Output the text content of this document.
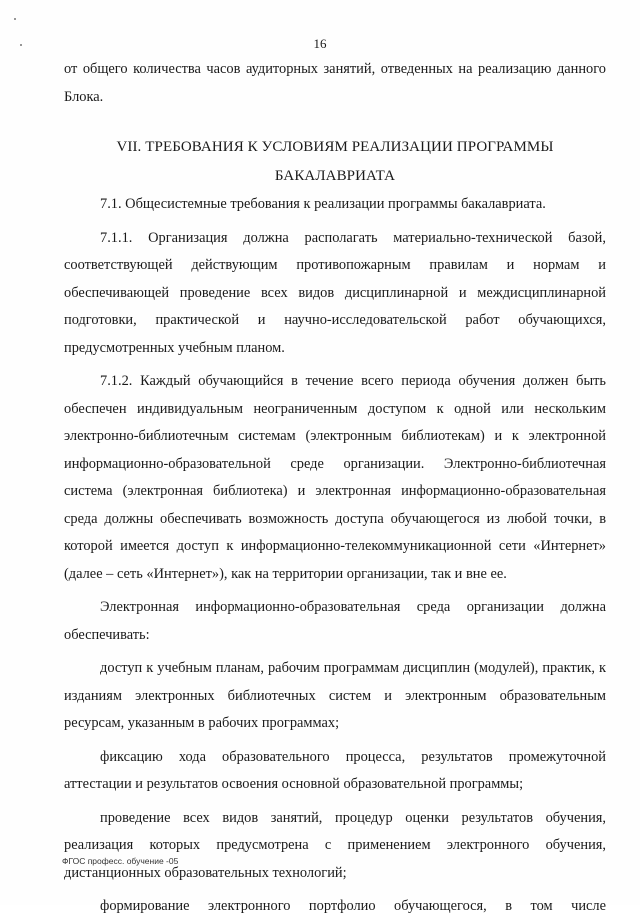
16

от общего количества часов аудиторных занятий, отведенных на реализацию данного Блока.

VII. ТРЕБОВАНИЯ К УСЛОВИЯМ РЕАЛИЗАЦИИ ПРОГРАММЫ
БАКАЛАВРИАТА

7.1. Общесистемные требования к реализации программы бакалавриата.

7.1.1. Организация должна располагать материально-технической базой, соответствующей действующим противопожарным правилам и нормам и обеспечивающей проведение всех видов дисциплинарной и междисциплинарной подготовки, практической и научно-исследовательской работ обучающихся, предусмотренных учебным планом.

7.1.2. Каждый обучающийся в течение всего периода обучения должен быть обеспечен индивидуальным неограниченным доступом к одной или нескольким электронно-библиотечным системам (электронным библиотекам) и к электронной информационно-образовательной среде организации. Электронно-библиотечная система (электронная библиотека) и электронная информационно-образовательная среда должны обеспечивать возможность доступа обучающегося из любой точки, в которой имеется доступ к информационно-телекоммуникационной сети «Интернет» (далее – сеть «Интернет»), как на территории организации, так и вне ее.

Электронная информационно-образовательная среда организации должна обеспечивать:

доступ к учебным планам, рабочим программам дисциплин (модулей), практик, к изданиям электронных библиотечных систем и электронным образовательным ресурсам, указанным в рабочих программах;

фиксацию хода образовательного процесса, результатов промежуточной аттестации и результатов освоения основной образовательной программы;

проведение всех видов занятий, процедур оценки результатов обучения, реализация которых предусмотрена с применением электронного обучения, дистанционных образовательных технологий;

формирование электронного портфолио обучающегося, в том числе

ФГОС професс. обучение -05
